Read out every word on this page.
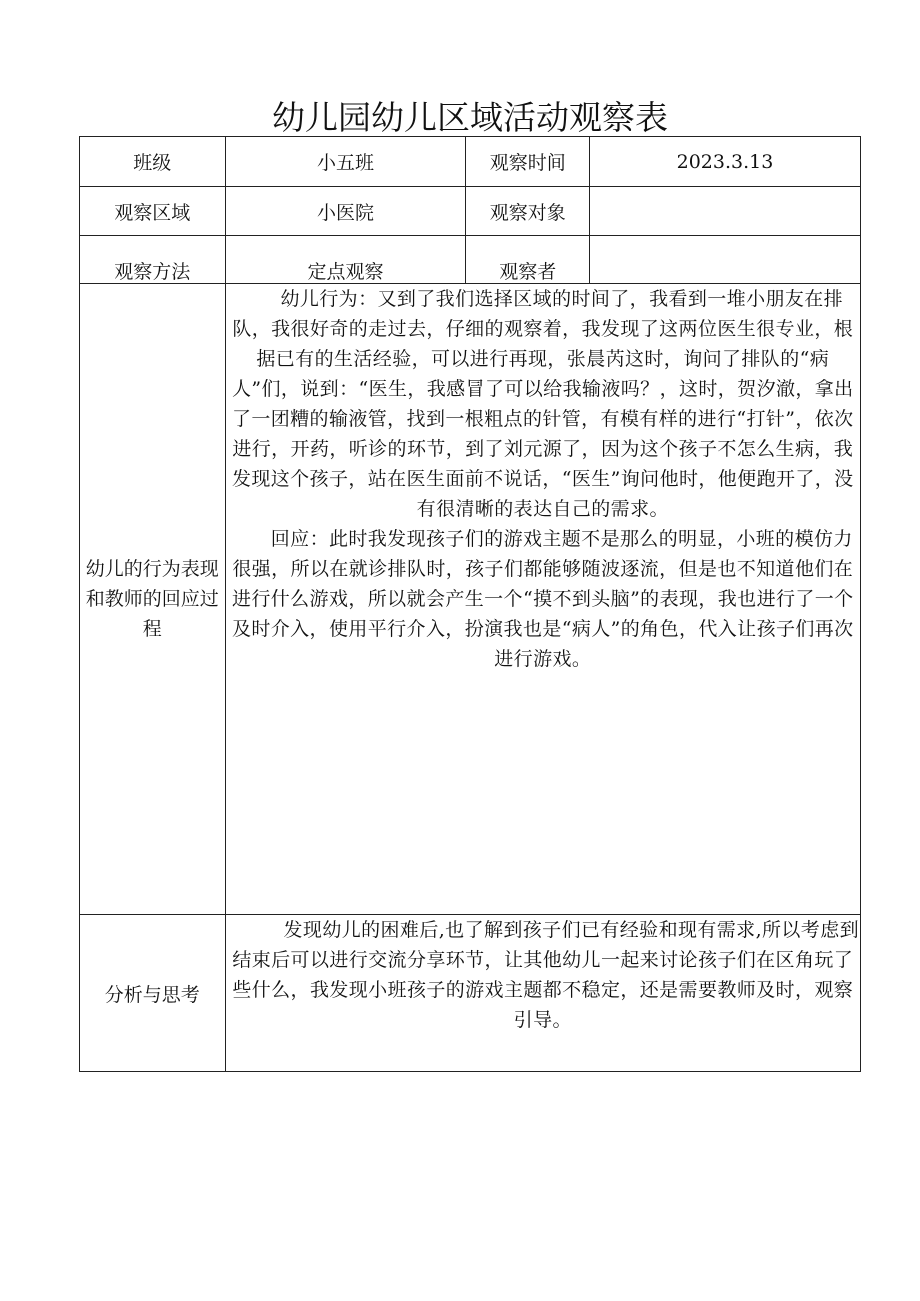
幼儿园幼儿区域活动观察表
班级	小五班	观察时间	2023.3.13
观察区域	小医院	观察对象	
观察方法	定点观察	观察者	
幼儿的行为表现和教师的回应过程	幼儿行为：又到了我们选择区域的时间了，我看到一堆小朋友在排队，我很好奇的走过去，仔细的观察着，我发现了这两位医生很专业，根据已有的生活经验，可以进行再现，张晨芮这时，询问了排队的“病人”们，说到：“医生，我感冒了可以给我输液吗？，这时，贺汐澈，拿出了一团糟的输液管，找到一根粗点的针管，有模有样的进行“打针”，依次进行，开药，听诊的环节，到了刘元源了，因为这个孩子不怎么生病，我发现这个孩子，站在医生面前不说话，“医生”询问他时，他便跑开了，没有很清晰的表达自己的需求。

回应：此时我发现孩子们的游戏主题不是那么的明显，小班的模仿力很强，所以在就诊排队时，孩子们都能够随波逐流，但是也不知道他们在进行什么游戏，所以就会产生一个“摸不到头脑”的表现，我也进行了一个及时介入，使用平行介入，扮演我也是“病人”的角色，代入让孩子们再次进行游戏。		

分析与思考	发现幼儿的困难后,也了解到孩子们已有经验和现有需求,所以考虑到结束后可以进行交流分享环节，让其他幼儿一起来讨论孩子们在区角玩了些什么，我发现小班孩子的游戏主题都不稳定，还是需要教师及时，观察引导。		
